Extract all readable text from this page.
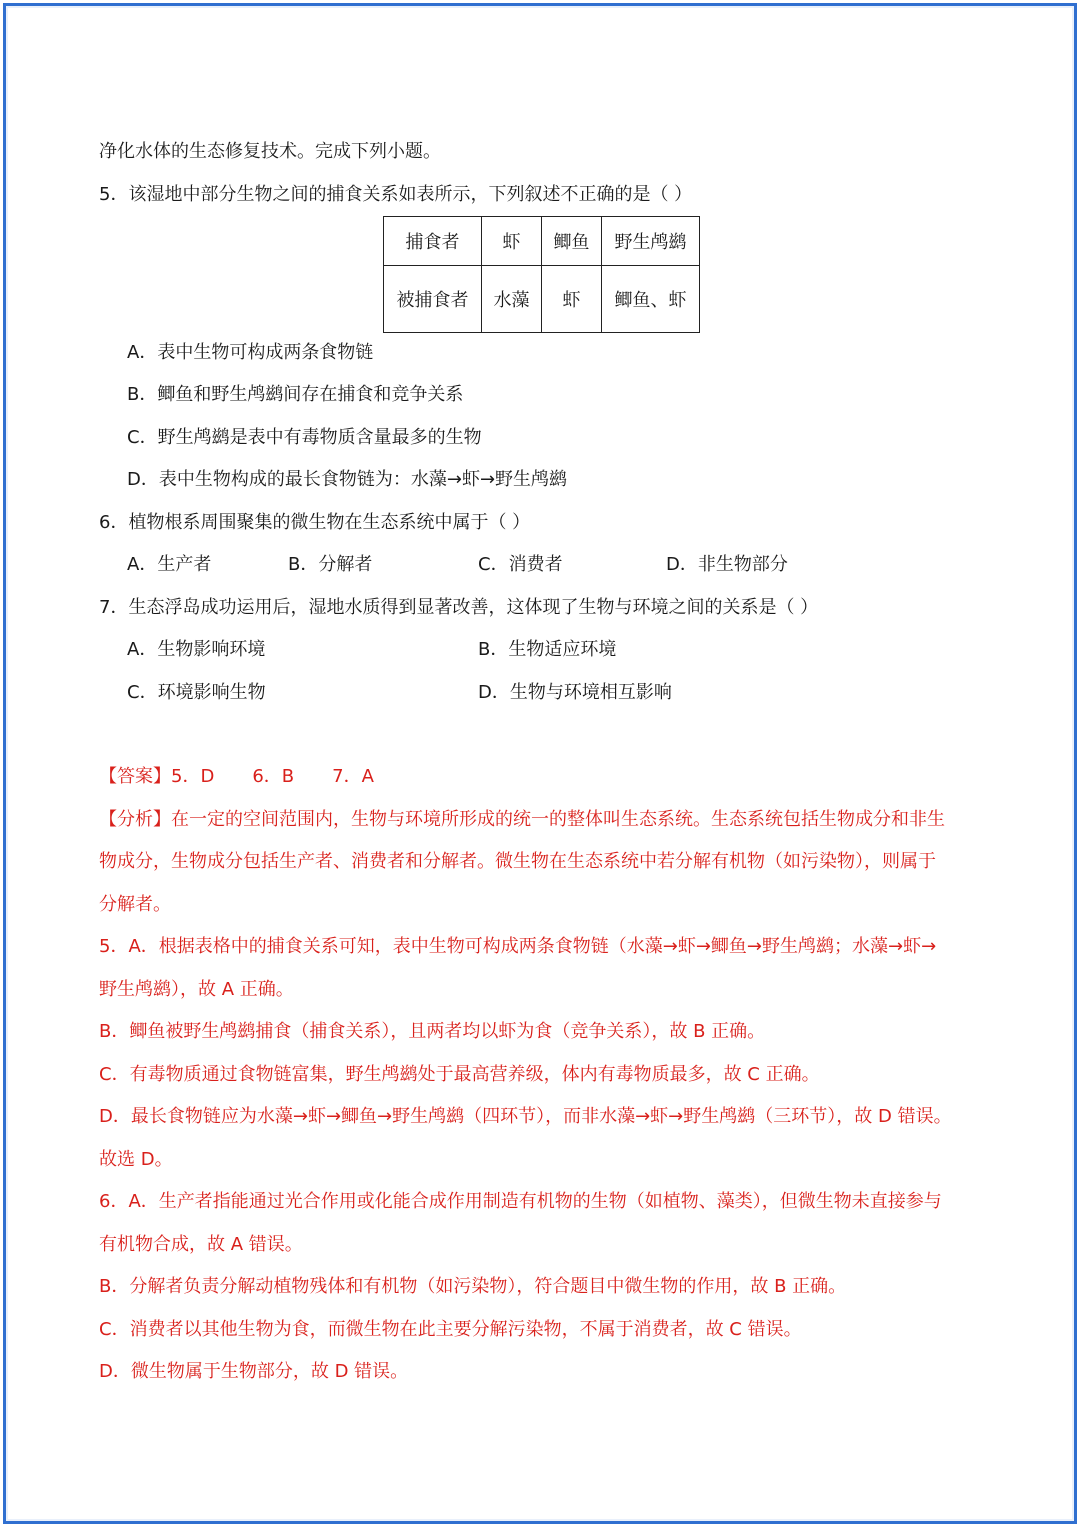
净化水体的生态修复技术。完成下列小题。
5．该湿地中部分生物之间的捕食关系如表所示，下列叙述不正确的是（ ）
捕食者	虾	鲫鱼	野生鸬鹚
被捕食者	水藻	虾	鲫鱼、虾
A．表中生物可构成两条食物链
B．鲫鱼和野生鸬鹚间存在捕食和竞争关系
C．野生鸬鹚是表中有毒物质含量最多的生物
D．表中生物构成的最长食物链为：水藻→虾→野生鸬鹚
6．植物根系周围聚集的微生物在生态系统中属于（ ）
A．生产者	B．分解者	C．消费者	D．非生物部分
7．生态浮岛成功运用后，湿地水质得到显著改善，这体现了生物与环境之间的关系是（ ）
A．生物影响环境	B．生物适应环境
C．环境影响生物	D．生物与环境相互影响
【答案】5．D 6．B 7．A
【分析】在一定的空间范围内，生物与环境所形成的统一的整体叫生态系统。生态系统包括生物成分和非生
物成分，生物成分包括生产者、消费者和分解者。微生物在生态系统中若分解有机物（如污染物），则属于
分解者。
5．A．根据表格中的捕食关系可知，表中生物可构成两条食物链（水藻→虾→鲫鱼→野生鸬鹚；水藻→虾→
野生鸬鹚），故 A 正确。
B．鲫鱼被野生鸬鹚捕食（捕食关系），且两者均以虾为食（竞争关系），故 B 正确。
C．有毒物质通过食物链富集，野生鸬鹚处于最高营养级，体内有毒物质最多，故 C 正确。
D．最长食物链应为水藻→虾→鲫鱼→野生鸬鹚（四环节），而非水藻→虾→野生鸬鹚（三环节），故 D 错误。
故选 D。
6．A．生产者指能通过光合作用或化能合成作用制造有机物的生物（如植物、藻类），但微生物未直接参与
有机物合成，故 A 错误。
B．分解者负责分解动植物残体和有机物（如污染物），符合题目中微生物的作用，故 B 正确。
C．消费者以其他生物为食，而微生物在此主要分解污染物，不属于消费者，故 C 错误。
D．微生物属于生物部分，故 D 错误。
